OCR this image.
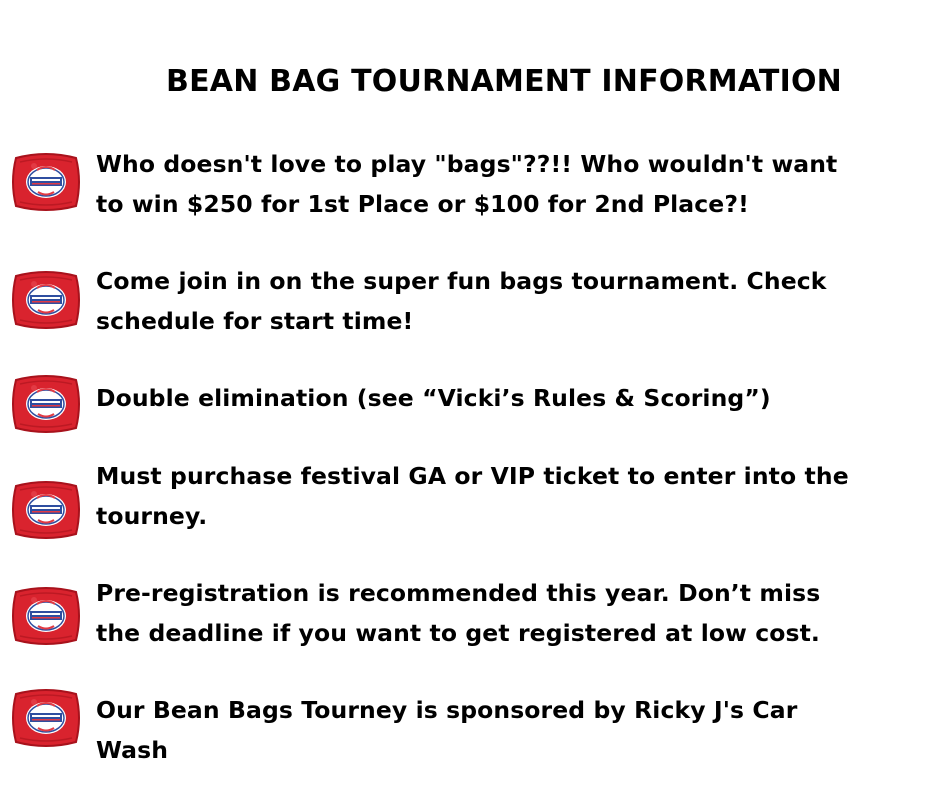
BEAN BAG TOURNAMENT INFORMATION
Who doesn't love to play "bags"??!! Who wouldn't want
to win $250 for 1st Place or $100 for 2nd Place?!
Come join in on the super fun bags tournament. Check
schedule for start time!
Double elimination (see “Vicki’s Rules & Scoring”)
Must purchase festival GA or VIP ticket to enter into the
tourney.
Pre-registration is recommended this year. Don’t miss
the deadline if you want to get registered at low cost.
Our Bean Bags Tourney is sponsored by Ricky J's Car
Wash
